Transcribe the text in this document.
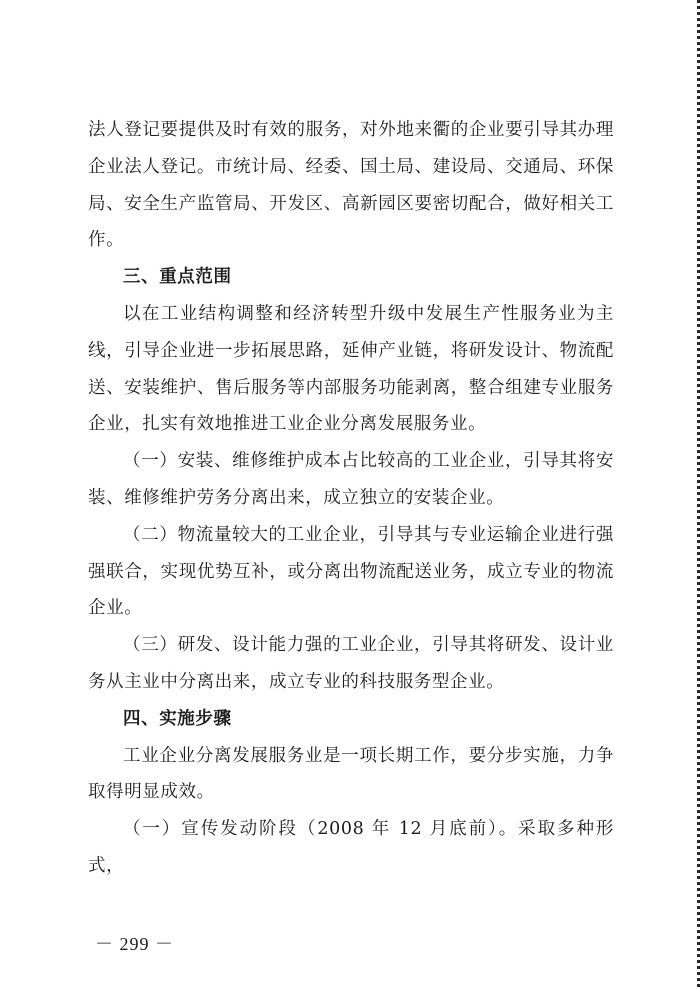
法人登记要提供及时有效的服务，对外地来衢的企业要引导其办理企业法人登记。市统计局、经委、国土局、建设局、交通局、环保局、安全生产监管局、开发区、高新园区要密切配合，做好相关工作。

三、重点范围

以在工业结构调整和经济转型升级中发展生产性服务业为主线，引导企业进一步拓展思路，延伸产业链，将研发设计、物流配送、安装维护、售后服务等内部服务功能剥离，整合组建专业服务企业，扎实有效地推进工业企业分离发展服务业。

（一）安装、维修维护成本占比较高的工业企业，引导其将安装、维修维护劳务分离出来，成立独立的安装企业。

（二）物流量较大的工业企业，引导其与专业运输企业进行强强联合，实现优势互补，或分离出物流配送业务，成立专业的物流企业。

（三）研发、设计能力强的工业企业，引导其将研发、设计业务从主业中分离出来，成立专业的科技服务型企业。

四、实施步骤

工业企业分离发展服务业是一项长期工作，要分步实施，力争取得明显成效。

（一）宣传发动阶段（2008 年 12 月底前）。采取多种形式，

－ 299 －
